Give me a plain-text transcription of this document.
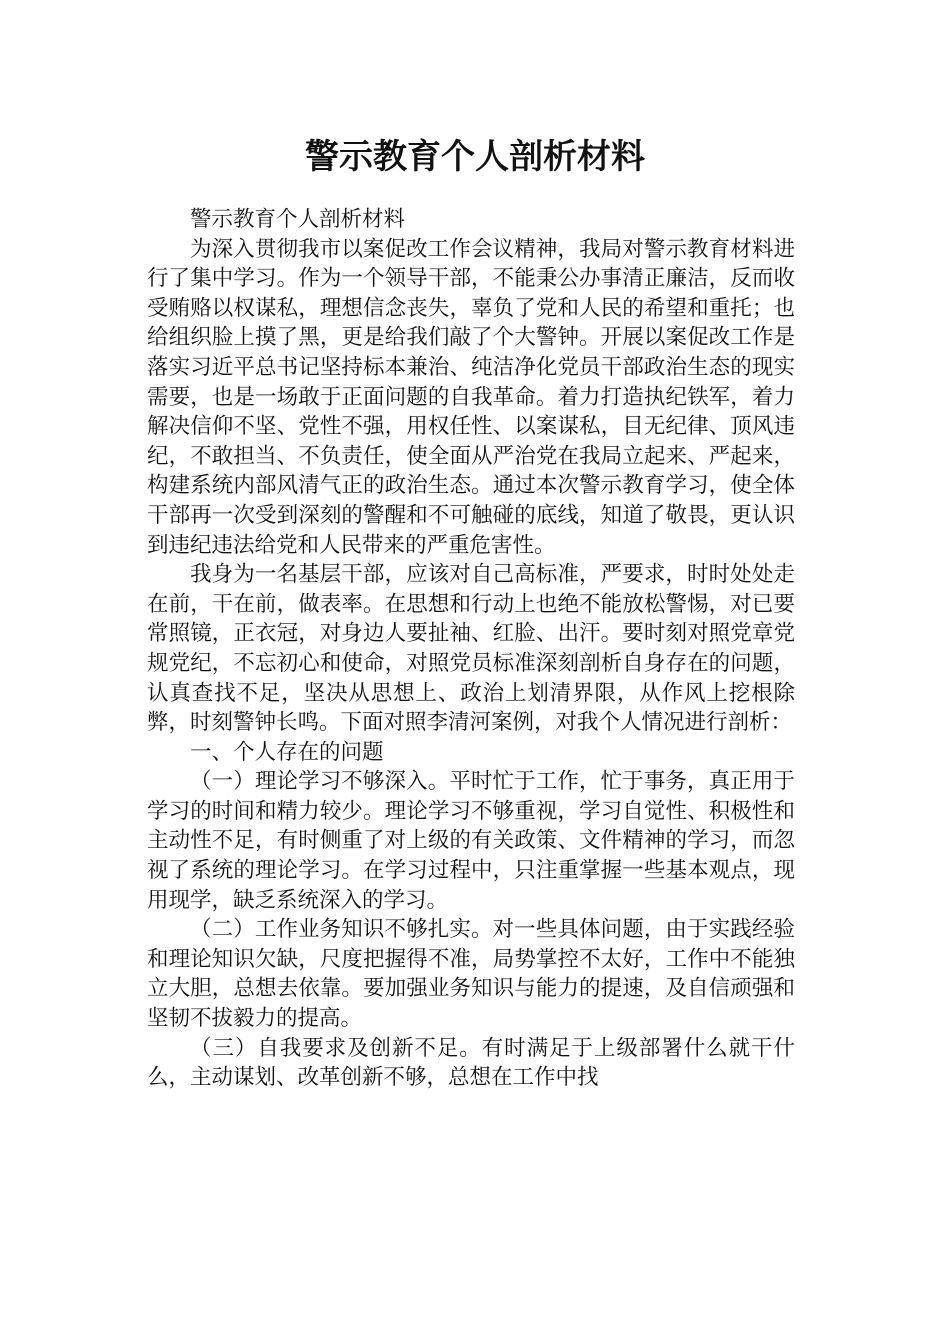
警示教育个人剖析材料

警示教育个人剖析材料

为深入贯彻我市以案促改工作会议精神，我局对警示教育材料进行了集中学习。作为一个领导干部，不能秉公办事清正廉洁，反而收受贿赂以权谋私，理想信念丧失，辜负了党和人民的希望和重托；也给组织脸上摸了黑，更是给我们敲了个大警钟。开展以案促改工作是落实习近平总书记坚持标本兼治、纯洁净化党员干部政治生态的现实需要，也是一场敢于正面问题的自我革命。着力打造执纪铁军，着力解决信仰不坚、党性不强，用权任性、以案谋私，目无纪律、顶风违纪，不敢担当、不负责任，使全面从严治党在我局立起来、严起来，构建系统内部风清气正的政治生态。通过本次警示教育学习，使全体干部再一次受到深刻的警醒和不可触碰的底线，知道了敬畏，更认识到违纪违法给党和人民带来的严重危害性。

我身为一名基层干部，应该对自己高标准，严要求，时时处处走在前，干在前，做表率。在思想和行动上也绝不能放松警惕，对已要常照镜，正衣冠，对身边人要扯袖、红脸、出汗。要时刻对照党章党规党纪，不忘初心和使命，对照党员标准深刻剖析自身存在的问题，认真查找不足，坚决从思想上、政治上划清界限，从作风上挖根除弊，时刻警钟长鸣。下面对照李清河案例，对我个人情况进行剖析：

一、个人存在的问题

（一）理论学习不够深入。平时忙于工作，忙于事务，真正用于学习的时间和精力较少。理论学习不够重视，学习自觉性、积极性和主动性不足，有时侧重了对上级的有关政策、文件精神的学习，而忽视了系统的理论学习。在学习过程中，只注重掌握一些基本观点，现用现学，缺乏系统深入的学习。

（二）工作业务知识不够扎实。对一些具体问题，由于实践经验和理论知识欠缺，尺度把握得不准，局势掌控不太好，工作中不能独立大胆，总想去依靠。要加强业务知识与能力的提速，及自信顽强和坚韧不拔毅力的提高。

（三）自我要求及创新不足。有时满足于上级部署什么就干什么，主动谋划、改革创新不够，总想在工作中找
